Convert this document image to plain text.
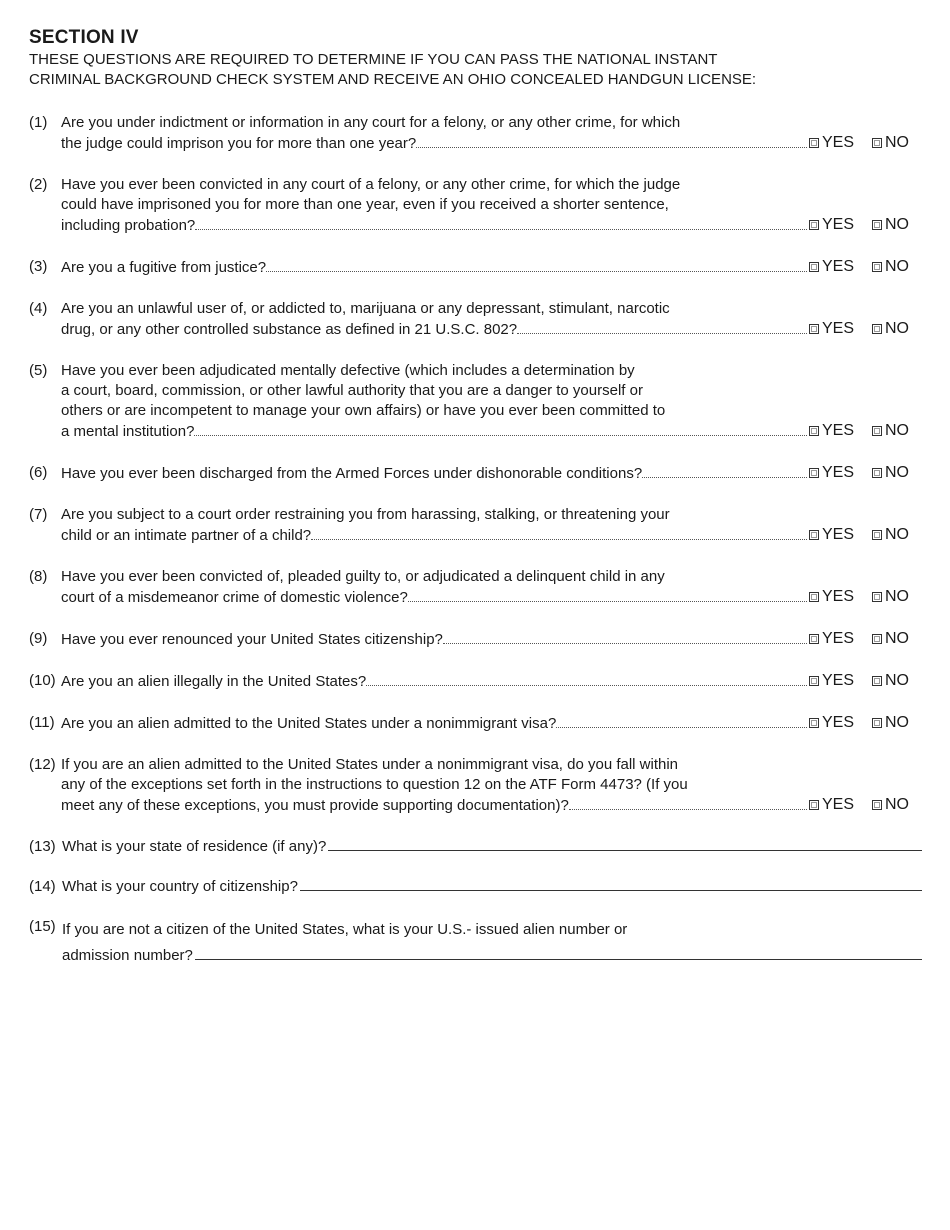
SECTION IV
THESE QUESTIONS ARE REQUIRED TO DETERMINE IF YOU CAN PASS THE NATIONAL INSTANT
CRIMINAL BACKGROUND CHECK SYSTEM AND RECEIVE AN OHIO CONCEALED HANDGUN LICENSE:
(1) Are you under indictment or information in any court for a felony, or any other crime, for which
the judge could imprison you for more than one year?	YES NO
(2) Have you ever been convicted in any court of a felony, or any other crime, for which the judge
could have imprisoned you for more than one year, even if you received a shorter sentence,
including probation?	YES NO
(3) Are you a fugitive from justice?	YES NO
(4) Are you an unlawful user of, or addicted to, marijuana or any depressant, stimulant, narcotic
drug, or any other controlled substance as defined in 21 U.S.C. 802?	YES NO
(5) Have you ever been adjudicated mentally defective (which includes a determination by
a court, board, commission, or other lawful authority that you are a danger to yourself or
others or are incompetent to manage your own affairs) or have you ever been committed to
a mental institution?	YES NO
(6) Have you ever been discharged from the Armed Forces under dishonorable conditions?	YES NO
(7) Are you subject to a court order restraining you from harassing, stalking, or threatening your
child or an intimate partner of a child?	YES NO
(8) Have you ever been convicted of, pleaded guilty to, or adjudicated a delinquent child in any
court of a misdemeanor crime of domestic violence?	YES NO
(9) Have you ever renounced your United States citizenship?	YES NO
(10) Are you an alien illegally in the United States?	YES NO
(11) Are you an alien admitted to the United States under a nonimmigrant visa?	YES NO
(12) If you are an alien admitted to the United States under a nonimmigrant visa, do you fall within
any of the exceptions set forth in the instructions to question 12 on the ATF Form 4473? (If you
meet any of these exceptions, you must provide supporting documentation)?	YES NO
(13) What is your state of residence (if any)?
(14) What is your country of citizenship?
(15) If you are not a citizen of the United States, what is your U.S.- issued alien number or
admission number?
